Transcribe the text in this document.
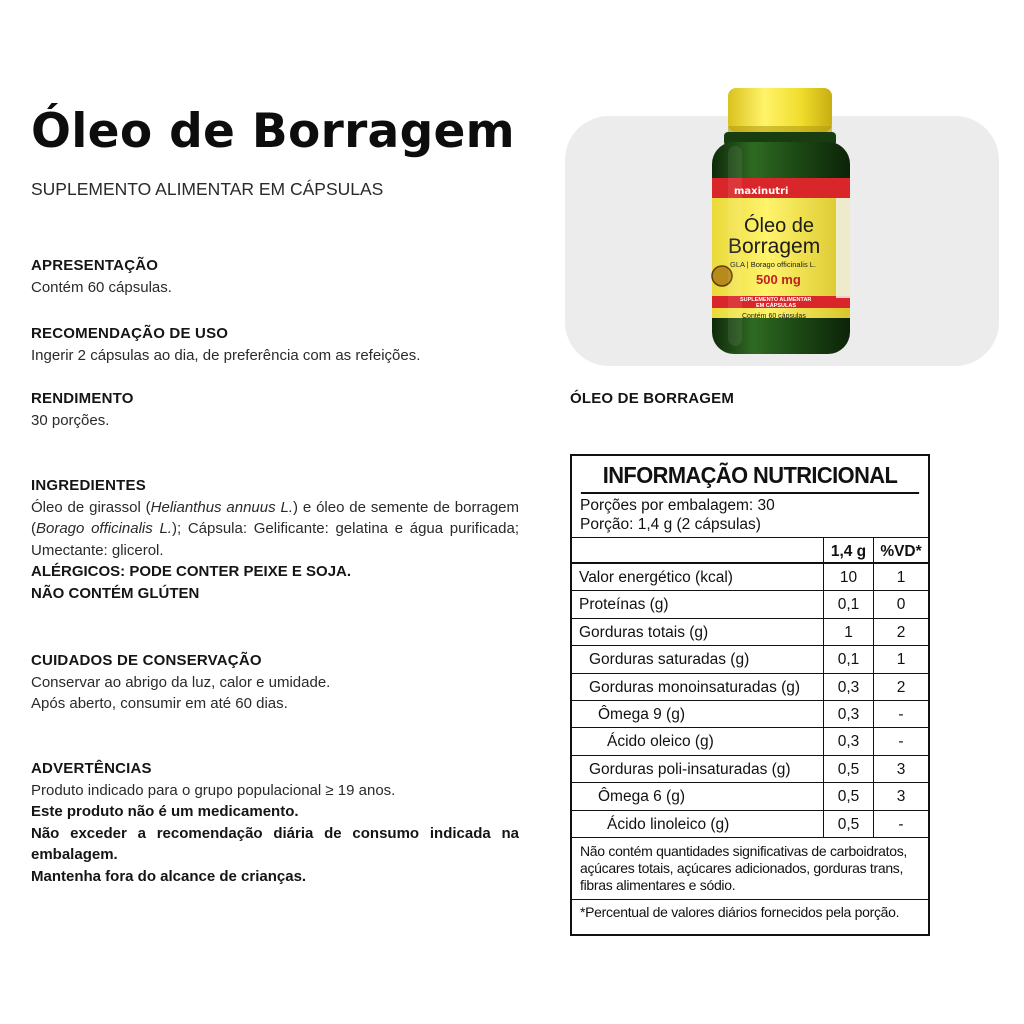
Óleo de Borragem
SUPLEMENTO ALIMENTAR EM CÁPSULAS
APRESENTAÇÃO
Contém 60 cápsulas.
RECOMENDAÇÃO DE USO
Ingerir 2 cápsulas ao dia, de preferência com as refeições.
RENDIMENTO
30 porções.
INGREDIENTES
Óleo de girassol (Helianthus annuus L.) e óleo de semente de borragem (Borago officinalis L.); Cápsula: Gelificante: gelatina e água purificada; Umectante: glicerol.
ALÉRGICOS: PODE CONTER PEIXE E SOJA.
NÃO CONTÉM GLÚTEN
CUIDADOS DE CONSERVAÇÃO
Conservar ao abrigo da luz, calor e umidade.
Após aberto, consumir em até 60 dias.
ADVERTÊNCIAS
Produto indicado para o grupo populacional ≥ 19 anos.
Este produto não é um medicamento.
Não exceder a recomendação diária de consumo indicada na embalagem.
Mantenha fora do alcance de crianças.
maxinutri
Óleo de
Borragem
GLA | Borago officinalis L.
500 mg
SUPLEMENTO ALIMENTAR
EM CÁPSULAS
Contém 60 cápsulas
ÓLEO DE BORRAGEM
INFORMAÇÃO NUTRICIONAL
Porções por embalagem: 30
Porção: 1,4 g (2 cápsulas)
1,4 g %VD*
Valor energético (kcal)	10	1
Proteínas (g)	0,1	0
Gorduras totais (g)	1	2
Gorduras saturadas (g)	0,1	1
Gorduras monoinsaturadas (g)	0,3	2
Ômega 9 (g)	0,3	-
Ácido oleico (g)	0,3	-
Gorduras poli-insaturadas (g)	0,5	3
Ômega 6 (g)	0,5	3
Ácido linoleico (g)	0,5	-
Não contém quantidades significativas de carboidratos, açúcares totais, açúcares adicionados, gorduras trans, fibras alimentares e sódio.
*Percentual de valores diários fornecidos pela porção.
